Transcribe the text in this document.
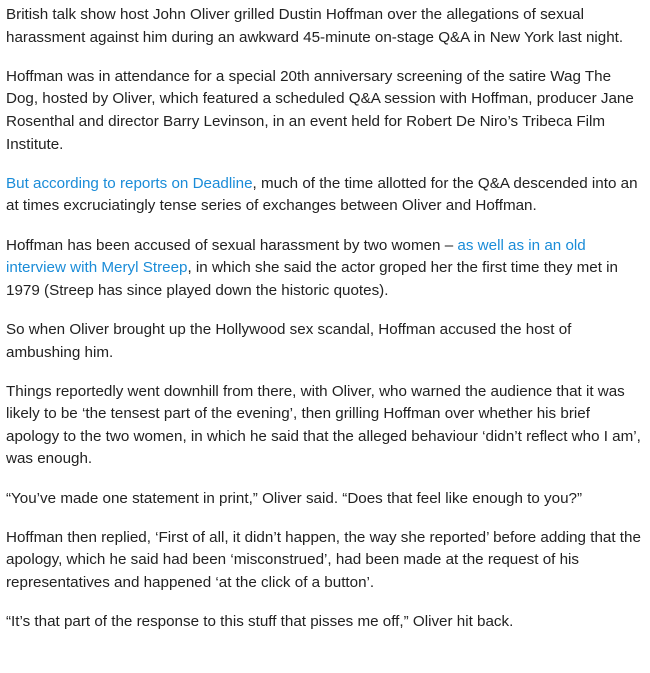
British talk show host John Oliver grilled Dustin Hoffman over the allegations of sexual harassment against him during an awkward 45-minute on-stage Q&A in New York last night.

Hoffman was in attendance for a special 20th anniversary screening of the satire Wag The Dog, hosted by Oliver, which featured a scheduled Q&A session with Hoffman, producer Jane Rosenthal and director Barry Levinson, in an event held for Robert De Niro’s Tribeca Film Institute.

But according to reports on Deadline, much of the time allotted for the Q&A descended into an at times excruciatingly tense series of exchanges between Oliver and Hoffman.

Hoffman has been accused of sexual harassment by two women – as well as in an old interview with Meryl Streep, in which she said the actor groped her the first time they met in 1979 (Streep has since played down the historic quotes).

So when Oliver brought up the Hollywood sex scandal, Hoffman accused the host of ambushing him.

Things reportedly went downhill from there, with Oliver, who warned the audience that it was likely to be ‘the tensest part of the evening’, then grilling Hoffman over whether his brief apology to the two women, in which he said that the alleged behaviour ‘didn’t reflect who I am’, was enough.

“You’ve made one statement in print,” Oliver said. “Does that feel like enough to you?”

Hoffman then replied, ‘First of all, it didn’t happen, the way she reported’ before adding that the apology, which he said had been ‘misconstrued’, had been made at the request of his representatives and happened ‘at the click of a button’.

“It’s that part of the response to this stuff that pisses me off,” Oliver hit back.
